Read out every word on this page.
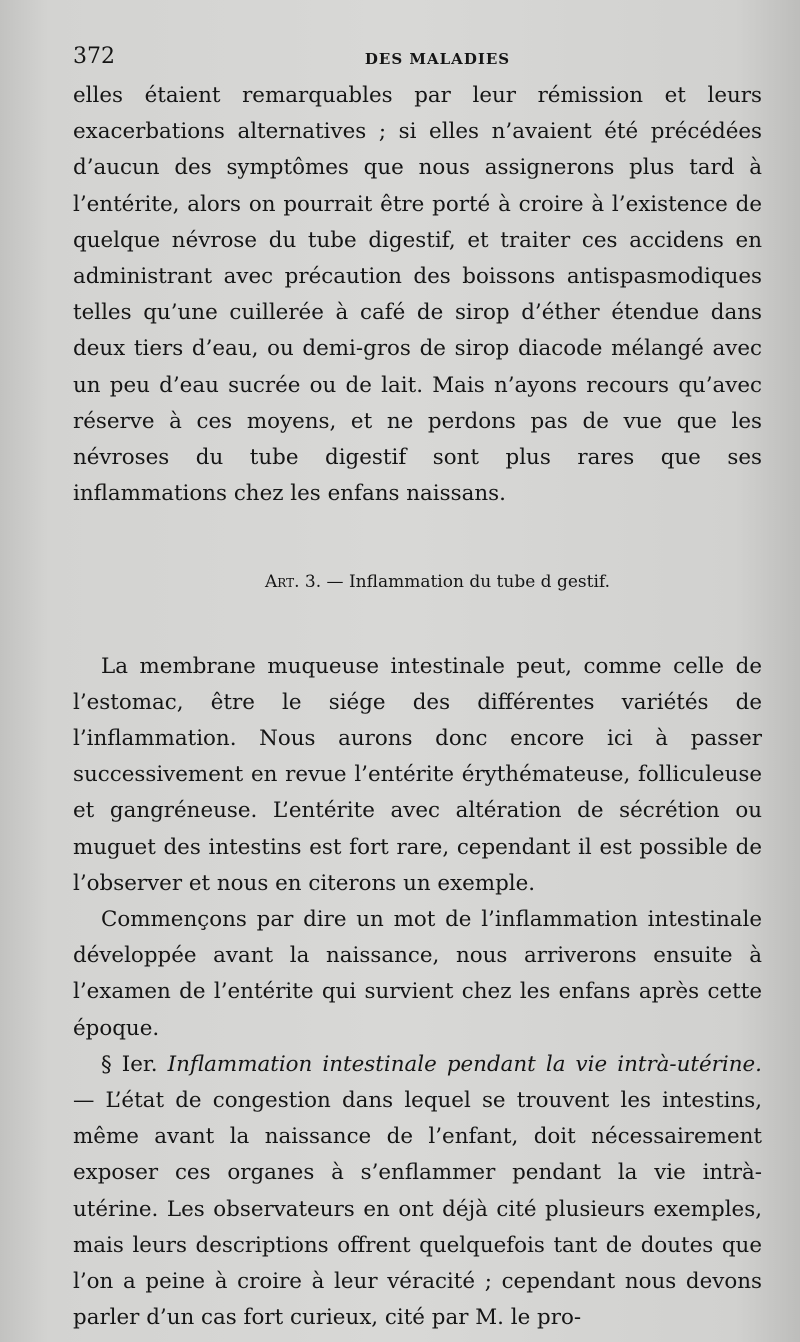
372	DES MALADIES

elles étaient remarquables par leur rémission et leurs exacerbations alternatives ; si elles n’avaient été précédées d’aucun des symptômes que nous assignerons plus tard à l’entérite, alors on pourrait être porté à croire à l’existence de quelque névrose du tube digestif, et traiter ces accidens en administrant avec précaution des boissons antispasmodiques telles qu’une cuillerée à café de sirop d’éther étendue dans deux tiers d’eau, ou demi-gros de sirop diacode mélangé avec un peu d’eau sucrée ou de lait. Mais n’ayons recours qu’avec réserve à ces moyens, et ne perdons pas de vue que les névroses du tube digestif sont plus rares que ses inflammations chez les enfans naissans.

Art. 3. — Inflammation du tube d gestif.

La membrane muqueuse intestinale peut, comme celle de l’estomac, être le siége des différentes variétés de l’inflammation. Nous aurons donc encore ici à passer successivement en revue l’entérite érythémateuse, folliculeuse et gangréneuse. L’entérite avec altération de sécrétion ou muguet des intestins est fort rare, cependant il est possible de l’observer et nous en citerons un exemple.

Commençons par dire un mot de l’inflammation intestinale développée avant la naissance, nous arriverons ensuite à l’examen de l’entérite qui survient chez les enfans après cette époque.

§ Ier. Inflammation intestinale pendant la vie intrà-utérine. — L’état de congestion dans lequel se trouvent les intestins, même avant la naissance de l’enfant, doit nécessairement exposer ces organes à s’enflammer pendant la vie intrà-utérine. Les observateurs en ont déjà cité plusieurs exemples, mais leurs descriptions offrent quelquefois tant de doutes que l’on a peine à croire à leur véracité ; cependant nous devons parler d’un cas fort curieux, cité par M. le pro-
